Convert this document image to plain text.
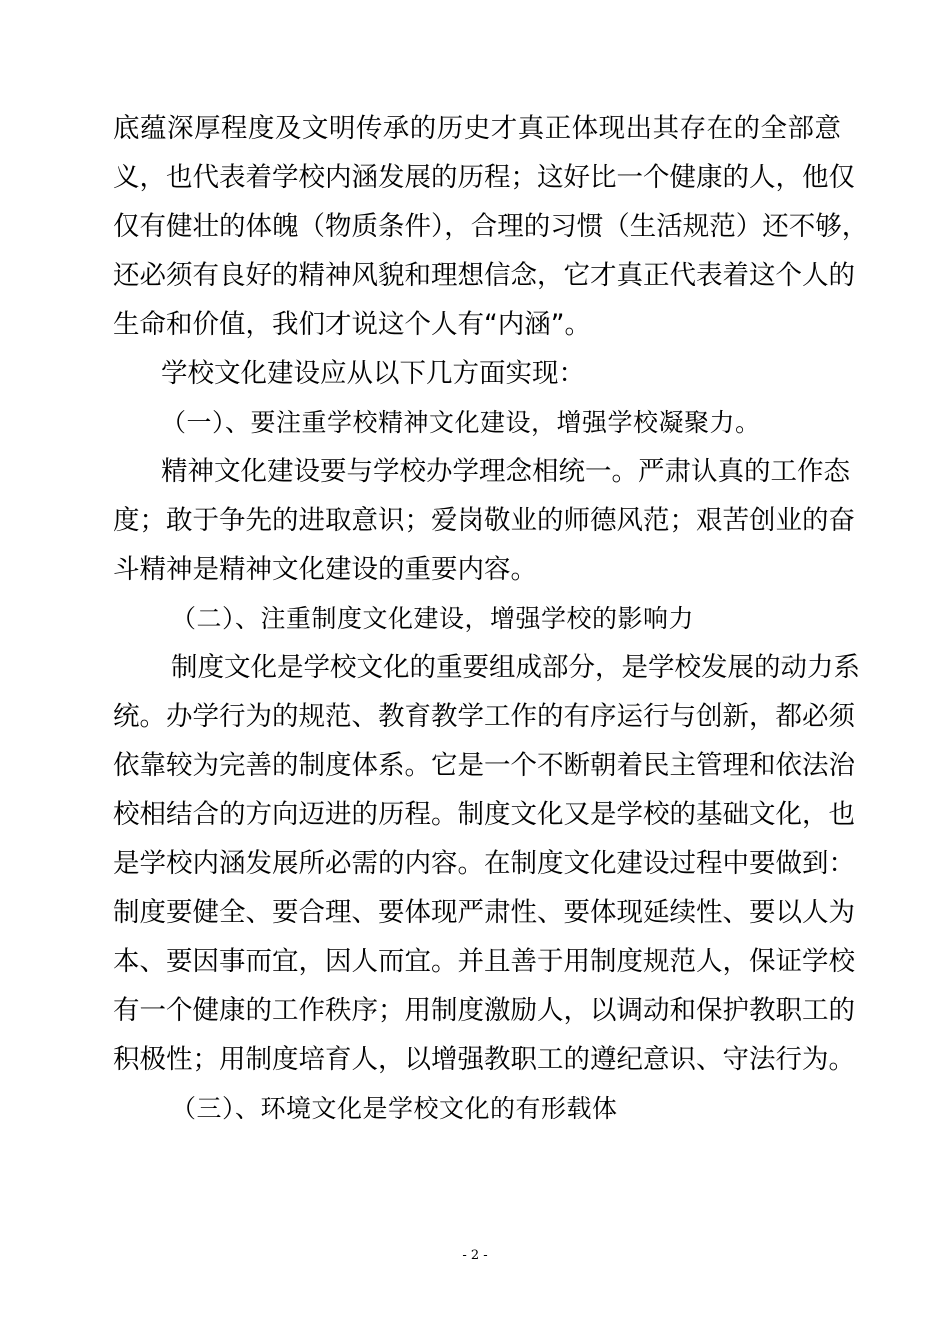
底蕴深厚程度及文明传承的历史才真正体现出其存在的全部意
义，也代表着学校内涵发展的历程；这好比一个健康的人，他仅
仅有健壮的体魄（物质条件），合理的习惯（生活规范）还不够，
还必须有良好的精神风貌和理想信念，它才真正代表着这个人的
生命和价值，我们才说这个人有“内涵”。
学校文化建设应从以下几方面实现：
（一）、要注重学校精神文化建设，增强学校凝聚力。
精神文化建设要与学校办学理念相统一。严肃认真的工作态
度；敢于争先的进取意识；爱岗敬业的师德风范；艰苦创业的奋
斗精神是精神文化建设的重要内容。
（二）、注重制度文化建设，增强学校的影响力
制度文化是学校文化的重要组成部分，是学校发展的动力系
统。办学行为的规范、教育教学工作的有序运行与创新，都必须
依靠较为完善的制度体系。它是一个不断朝着民主管理和依法治
校相结合的方向迈进的历程。制度文化又是学校的基础文化，也
是学校内涵发展所必需的内容。在制度文化建设过程中要做到：
制度要健全、要合理、要体现严肃性、要体现延续性、要以人为
本、要因事而宜，因人而宜。并且善于用制度规范人，保证学校
有一个健康的工作秩序；用制度激励人，以调动和保护教职工的
积极性；用制度培育人，以增强教职工的遵纪意识、守法行为。
（三）、环境文化是学校文化的有形载体
- 2 -
